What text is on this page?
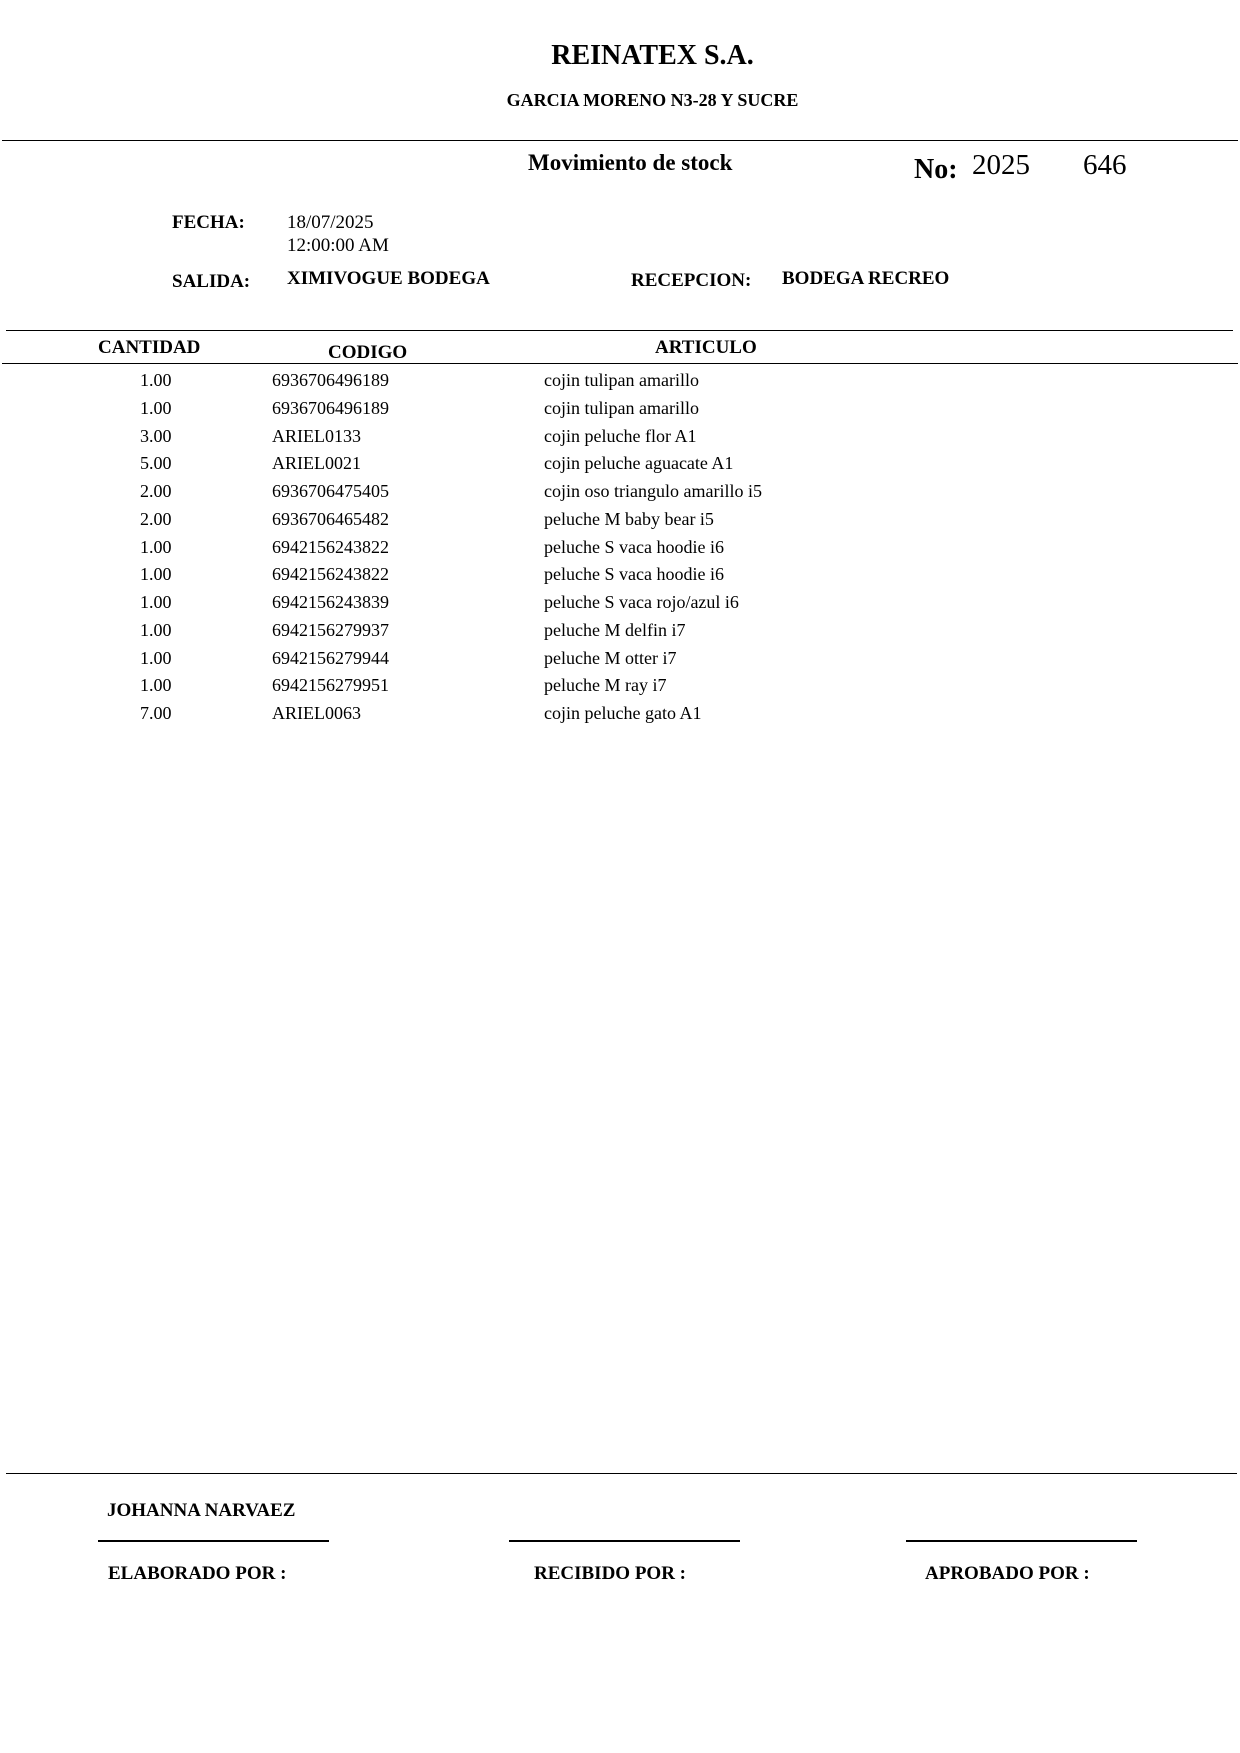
REINATEX S.A.
GARCIA MORENO N3-28 Y SUCRE
Movimiento de stock	No: 2025 646
FECHA: 18/07/2025
12:00:00 AM
SALIDA: XIMIVOGUE BODEGA	RECEPCION: BODEGA RECREO
CANTIDAD	CODIGO	ARTICULO
1.00	6936706496189	cojin tulipan amarillo
1.00	6936706496189	cojin tulipan amarillo
3.00	ARIEL0133	cojin peluche flor A1
5.00	ARIEL0021	cojin peluche aguacate A1
2.00	6936706475405	cojin oso triangulo amarillo i5
2.00	6936706465482	peluche M baby bear i5
1.00	6942156243822	peluche S vaca hoodie i6
1.00	6942156243822	peluche S vaca hoodie i6
1.00	6942156243839	peluche S vaca rojo/azul i6
1.00	6942156279937	peluche M delfin i7
1.00	6942156279944	peluche M otter i7
1.00	6942156279951	peluche M ray i7
7.00	ARIEL0063	cojin peluche gato A1
JOHANNA NARVAEZ
ELABORADO POR :	RECIBIDO POR :	APROBADO POR :
